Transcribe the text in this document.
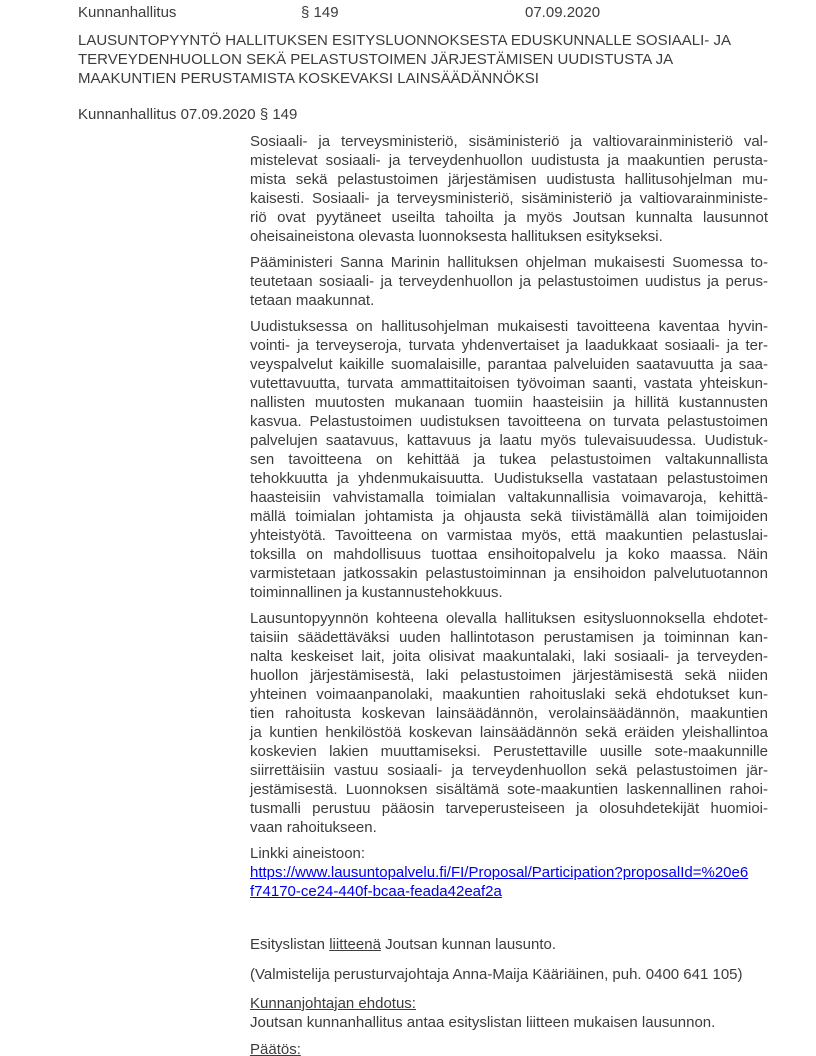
Kunnanhallitus	§ 149	07.09.2020
LAUSUNTOPYYNTÖ HALLITUKSEN ESITYSLUONNOKSESTA EDUSKUNNALLE SOSIAALI- JA
TERVEYDENHUOLLON SEKÄ PELASTUSTOIMEN JÄRJESTÄMISEN UUDISTUSTA JA
MAAKUNTIEN PERUSTAMISTA KOSKEVAKSI LAINSÄÄDÄNNÖKSI
Kunnanhallitus 07.09.2020 § 149
Sosiaali- ja terveysministeriö, sisäministeriö ja valtiovarainministeriö val-
mistelevat sosiaali- ja terveydenhuollon uudistusta ja maakuntien perusta-
mista sekä pelastustoimen järjestämisen uudistusta hallitusohjelman mu-
kaisesti. Sosiaali- ja terveysministeriö, sisäministeriö ja valtiovarainministe-
riö ovat pyytäneet useilta tahoilta ja myös Joutsan kunnalta lausunnot
oheisaineistona olevasta luonnoksesta hallituksen esitykseksi.
Pääministeri Sanna Marinin hallituksen ohjelman mukaisesti Suomessa to-
teutetaan sosiaali- ja terveydenhuollon ja pelastustoimen uudistus ja perus-
tetaan maakunnat.
Uudistuksessa on hallitusohjelman mukaisesti tavoitteena kaventaa hyvin-
vointi- ja terveyseroja, turvata yhdenvertaiset ja laadukkaat sosiaali- ja ter-
veyspalvelut kaikille suomalaisille, parantaa palveluiden saatavuutta ja saa-
vutettavuutta, turvata ammattitaitoisen työvoiman saanti, vastata yhteiskun-
nallisten muutosten mukanaan tuomiin haasteisiin ja hillitä kustannusten
kasvua. Pelastustoimen uudistuksen tavoitteena on turvata pelastustoimen
palvelujen saatavuus, kattavuus ja laatu myös tulevaisuudessa. Uudistuk-
sen tavoitteena on kehittää ja tukea pelastustoimen valtakunnallista
tehokkuutta ja yhdenmukaisuutta. Uudistuksella vastataan pelastustoimen
haasteisiin vahvistamalla toimialan valtakunnallisia voimavaroja, kehittä-
mällä toimialan johtamista ja ohjausta sekä tiivistämällä alan toimijoiden
yhteistyötä. Tavoitteena on varmistaa myös, että maakuntien pelastuslai-
toksilla on mahdollisuus tuottaa ensihoitopalvelu ja koko maassa. Näin
varmistetaan jatkossakin pelastustoiminnan ja ensihoidon palvelutuotannon
toiminnallinen ja kustannustehokkuus.
Lausuntopyynnön kohteena olevalla hallituksen esitysluonnoksella ehdotet-
taisiin säädettäväksi uuden hallintotason perustamisen ja toiminnan kan-
nalta keskeiset lait, joita olisivat maakuntalaki, laki sosiaali- ja terveyden-
huollon järjestämisestä, laki pelastustoimen järjestämisestä sekä niiden
yhteinen voimaanpanolaki, maakuntien rahoituslaki sekä ehdotukset kun-
tien rahoitusta koskevan lainsäädännön, verolainsäädännön, maakuntien
ja kuntien henkilöstöä koskevan lainsäädännön sekä eräiden yleishallintoa
koskevien lakien muuttamiseksi. Perustettaville uusille sote-maakunnille
siirrettäisiin vastuu sosiaali- ja terveydenhuollon sekä pelastustoimen jär-
jestämisestä. Luonnoksen sisältämä sote-maakuntien laskennallinen rahoi-
tusmalli perustuu pääosin tarveperusteiseen ja olosuhdetekijät huomioi-
vaan rahoitukseen.
Linkki aineistoon:
https://www.lausuntopalvelu.fi/FI/Proposal/Participation?proposalId=%20e6
f74170-ce24-440f-bcaa-feada42eaf2a
Esityslistan liitteenä Joutsan kunnan lausunto.
(Valmistelija perusturvajohtaja Anna-Maija Kääriäinen, puh. 0400 641 105)
Kunnanjohtajan ehdotus:
Joutsan kunnanhallitus antaa esityslistan liitteen mukaisen lausunnon.
Päätös:
